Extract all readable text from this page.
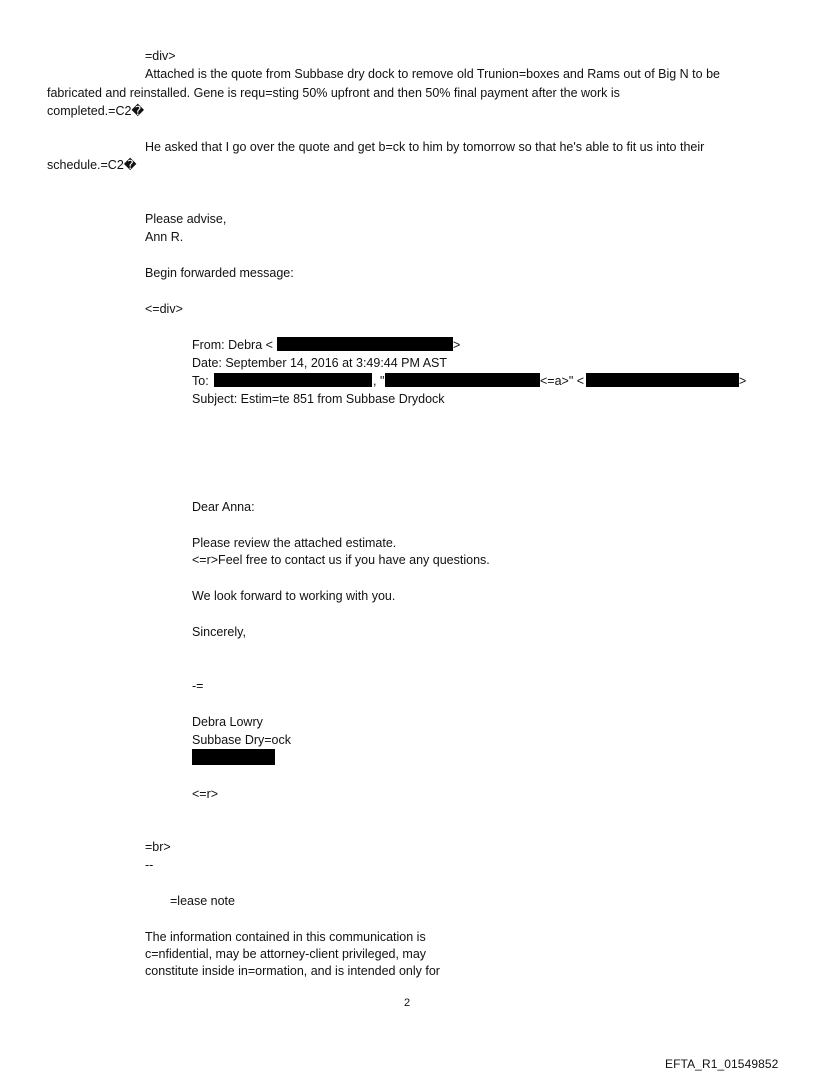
=div>
Attached is the quote from Subbase dry dock to remove old Trunion=boxes and Rams out of Big N to be
fabricated and reinstalled. Gene is requ=sting 50% upfront and then 50% final payment after the work is
completed.=C2�
He asked that I go over the quote and get b=ck to him by tomorrow so that he's able to fit us into their
schedule.=C2�
Please advise,
Ann R.
Begin forwarded message:
<=div>
From: Debra <	>
Date: September 14, 2016 at 3:49:44 PM AST
To:	, "	<=a>" <	>
Subject: Estim=te 851 from Subbase Drydock
Dear Anna:
Please review the attached estimate.
<=r>Feel free to contact us if you have any questions.
We look forward to working with you.
Sincerely,
-=
Debra Lowry
Subbase Dry=ock
<=r>
=br>
--
=lease note
The information contained in this communication is
c=nfidential, may be attorney-client privileged, may
constitute inside in=ormation, and is intended only for
2
EFTA_R1_01549852
